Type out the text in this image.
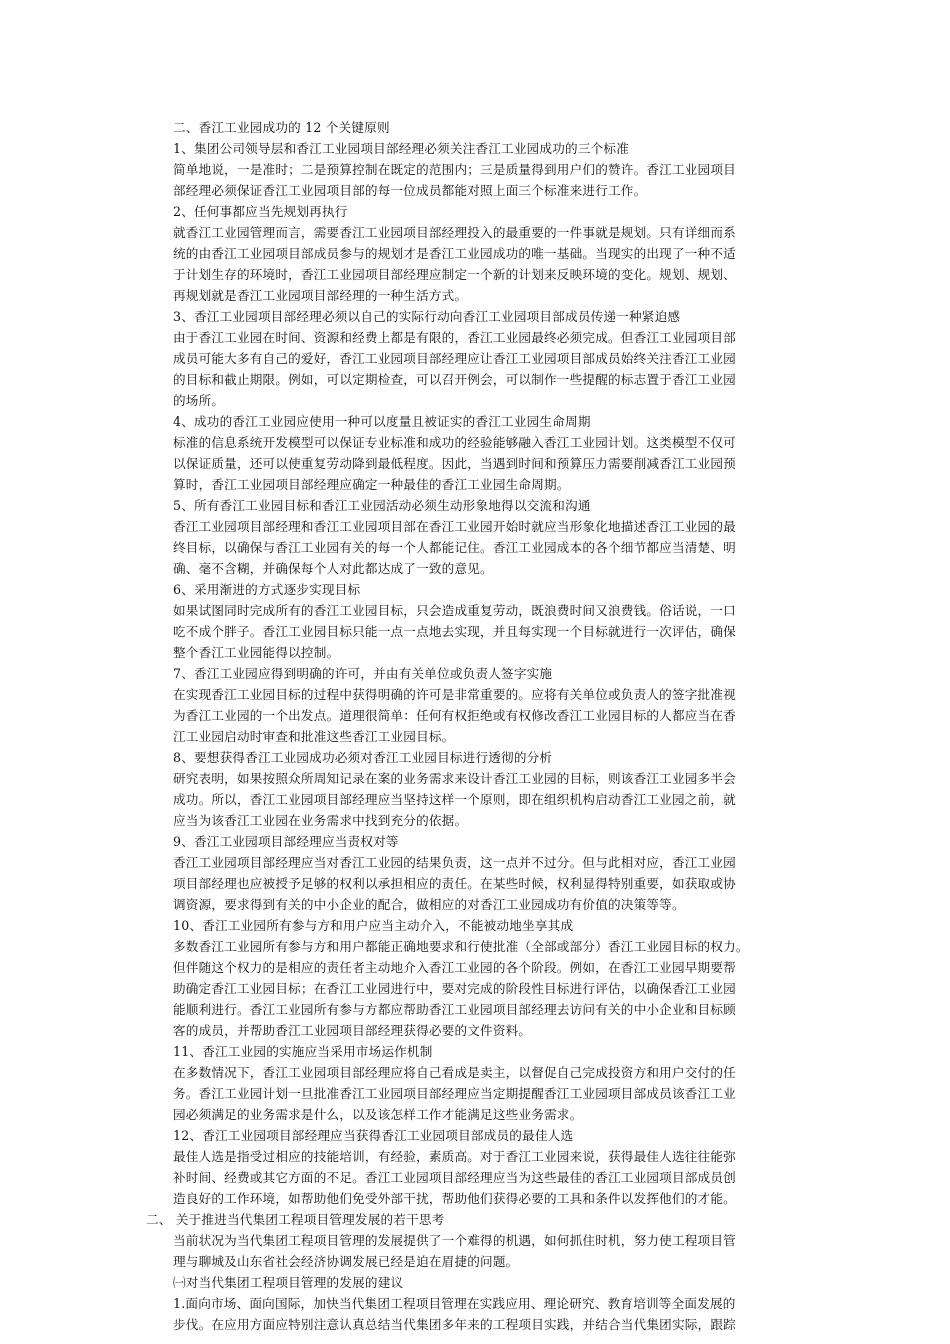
二、香江工业园成功的 12 个关键原则
1、集团公司领导层和香江工业园项目部经理必须关注香江工业园成功的三个标准
简单地说，一是准时；二是预算控制在既定的范围内；三是质量得到用户们的赞许。香江工业园项目
部经理必须保证香江工业园项目部的每一位成员都能对照上面三个标准来进行工作。
2、任何事都应当先规划再执行
就香江工业园管理而言，需要香江工业园项目部经理投入的最重要的一件事就是规划。只有详细而系
统的由香江工业园项目部成员参与的规划才是香江工业园成功的唯一基础。当现实的出现了一种不适
于计划生存的环境时，香江工业园项目部经理应制定一个新的计划来反映环境的变化。规划、规划、
再规划就是香江工业园项目部经理的一种生活方式。
3、香江工业园项目部经理必须以自己的实际行动向香江工业园项目部成员传递一种紧迫感
由于香江工业园在时间、资源和经费上都是有限的，香江工业园最终必须完成。但香江工业园项目部
成员可能大多有自己的爱好，香江工业园项目部经理应让香江工业园项目部成员始终关注香江工业园
的目标和截止期限。例如，可以定期检查，可以召开例会，可以制作一些提醒的标志置于香江工业园
的场所。
4、成功的香江工业园应使用一种可以度量且被证实的香江工业园生命周期
标准的信息系统开发模型可以保证专业标准和成功的经验能够融入香江工业园计划。这类模型不仅可
以保证质量，还可以使重复劳动降到最低程度。因此，当遇到时间和预算压力需要削减香江工业园预
算时，香江工业园项目部经理应确定一种最佳的香江工业园生命周期。
5、所有香江工业园目标和香江工业园活动必须生动形象地得以交流和沟通
香江工业园项目部经理和香江工业园项目部在香江工业园开始时就应当形象化地描述香江工业园的最
终目标，以确保与香江工业园有关的每一个人都能记住。香江工业园成本的各个细节都应当清楚、明
确、毫不含糊，并确保每个人对此都达成了一致的意见。
6、采用渐进的方式逐步实现目标
如果试图同时完成所有的香江工业园目标，只会造成重复劳动，既浪费时间又浪费钱。俗话说，一口
吃不成个胖子。香江工业园目标只能一点一点地去实现，并且每实现一个目标就进行一次评估，确保
整个香江工业园能得以控制。
7、香江工业园应得到明确的许可，并由有关单位或负责人签字实施
在实现香江工业园目标的过程中获得明确的许可是非常重要的。应将有关单位或负责人的签字批准视
为香江工业园的一个出发点。道理很简单：任何有权拒绝或有权修改香江工业园目标的人都应当在香
江工业园启动时审查和批准这些香江工业园目标。
8、要想获得香江工业园成功必须对香江工业园目标进行透彻的分析
研究表明，如果按照众所周知记录在案的业务需求来设计香江工业园的目标，则该香江工业园多半会
成功。所以，香江工业园项目部经理应当坚持这样一个原则，即在组织机构启动香江工业园之前，就
应当为该香江工业园在业务需求中找到充分的依据。
9、香江工业园项目部经理应当责权对等
香江工业园项目部经理应当对香江工业园的结果负责，这一点并不过分。但与此相对应，香江工业园
项目部经理也应被授予足够的权利以承担相应的责任。在某些时候，权利显得特别重要，如获取或协
调资源，要求得到有关的中小企业的配合，做相应的对香江工业园成功有价值的决策等等。
10、香江工业园所有参与方和用户应当主动介入，不能被动地坐享其成
多数香江工业园所有参与方和用户都能正确地要求和行使批准（全部或部分）香江工业园目标的权力。
但伴随这个权力的是相应的责任者主动地介入香江工业园的各个阶段。例如，在香江工业园早期要帮
助确定香江工业园目标；在香江工业园进行中，要对完成的阶段性目标进行评估，以确保香江工业园
能顺利进行。香江工业园所有参与方都应帮助香江工业园项目部经理去访问有关的中小企业和目标顾
客的成员，并帮助香江工业园项目部经理获得必要的文件资料。
11、香江工业园的实施应当采用市场运作机制
在多数情况下，香江工业园项目部经理应将自己看成是卖主，以督促自己完成投资方和用户交付的任
务。香江工业园计划一旦批准香江工业园项目部经理应当定期提醒香江工业园项目部成员该香江工业
园必须满足的业务需求是什么，以及该怎样工作才能满足这些业务需求。
12、香江工业园项目部经理应当获得香江工业园项目部成员的最佳人选
最佳人选是指受过相应的技能培训，有经验，素质高。对于香江工业园来说，获得最佳人选往往能弥
补时间、经费或其它方面的不足。香江工业园项目部经理应当为这些最佳的香江工业园项目部成员创
造良好的工作环境，如帮助他们免受外部干扰，帮助他们获得必要的工具和条件以发挥他们的才能。
二、 关于推进当代集团工程项目管理发展的若干思考
当前状况为当代集团工程项目管理的发展提供了一个难得的机遇，如何抓住时机，努力使工程项目管
理与聊城及山东省社会经济协调发展已经是迫在眉捷的问题。
㈠对当代集团工程项目管理的发展的建议
1.面向市场、面向国际，加快当代集团工程项目管理在实践应用、理论研究、教育培训等全面发展的
步伐。在应用方面应特别注意认真总结当代集团多年来的工程项目实践，并结合当代集团实际，跟踪
